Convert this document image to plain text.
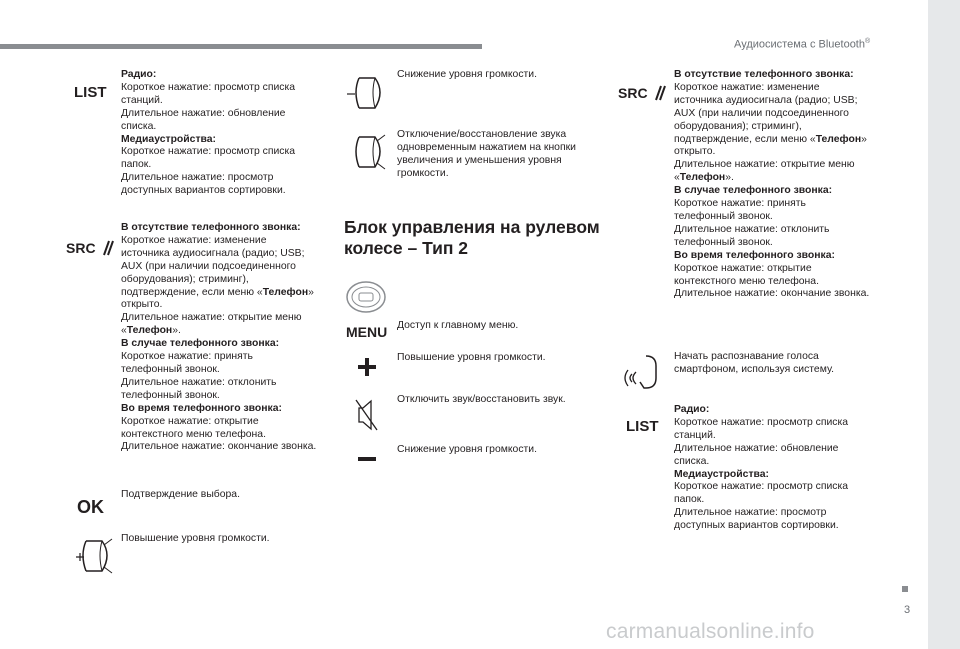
Аудиосистема с Bluetooth®
3
carmanualsonline.info
LIST
Радио:
Короткое нажатие: просмотр списка
станций.
Длительное нажатие: обновление
списка.
Медиаустройства:
Короткое нажатие: просмотр списка
папок.
Длительное нажатие: просмотр
доступных вариантов сортировки.
SRC
В отсутствие телефонного звонка:
Короткое нажатие: изменение
источника аудиосигнала (радио; USB;
AUX (при наличии подсоединенного
оборудования); стриминг),
подтверждение, если меню «Телефон»
открыто.
Длительное нажатие: открытие меню
«Телефон».
В случае телефонного звонка:
Короткое нажатие: принять
телефонный звонок.
Длительное нажатие: отклонить
телефонный звонок.
Во время телефонного звонка:
Короткое нажатие: открытие
контекстного меню телефона.
Длительное нажатие: окончание звонка.
OK
Подтверждение выбора.
Повышение уровня громкости.
Снижение уровня громкости.
Отключение/восстановление звука
одновременным нажатием на кнопки
увеличения и уменьшения уровня
громкости.
Блок управления на рулевом
колесе – Тип 2
MENU Доступ к главному меню.
Повышение уровня громкости.
Отключить звук/восстановить звук.
Снижение уровня громкости.
SRC
В отсутствие телефонного звонка:
Короткое нажатие: изменение
источника аудиосигнала (радио; USB;
AUX (при наличии подсоединенного
оборудования); стриминг),
подтверждение, если меню «Телефон»
открыто.
Длительное нажатие: открытие меню
«Телефон».
В случае телефонного звонка:
Короткое нажатие: принять
телефонный звонок.
Длительное нажатие: отклонить
телефонный звонок.
Во время телефонного звонка:
Короткое нажатие: открытие
контекстного меню телефона.
Длительное нажатие: окончание звонка.
Начать распознавание голоса
смартфоном, используя систему.
LIST
Радио:
Короткое нажатие: просмотр списка
станций.
Длительное нажатие: обновление
списка.
Медиаустройства:
Короткое нажатие: просмотр списка
папок.
Длительное нажатие: просмотр
доступных вариантов сортировки.
